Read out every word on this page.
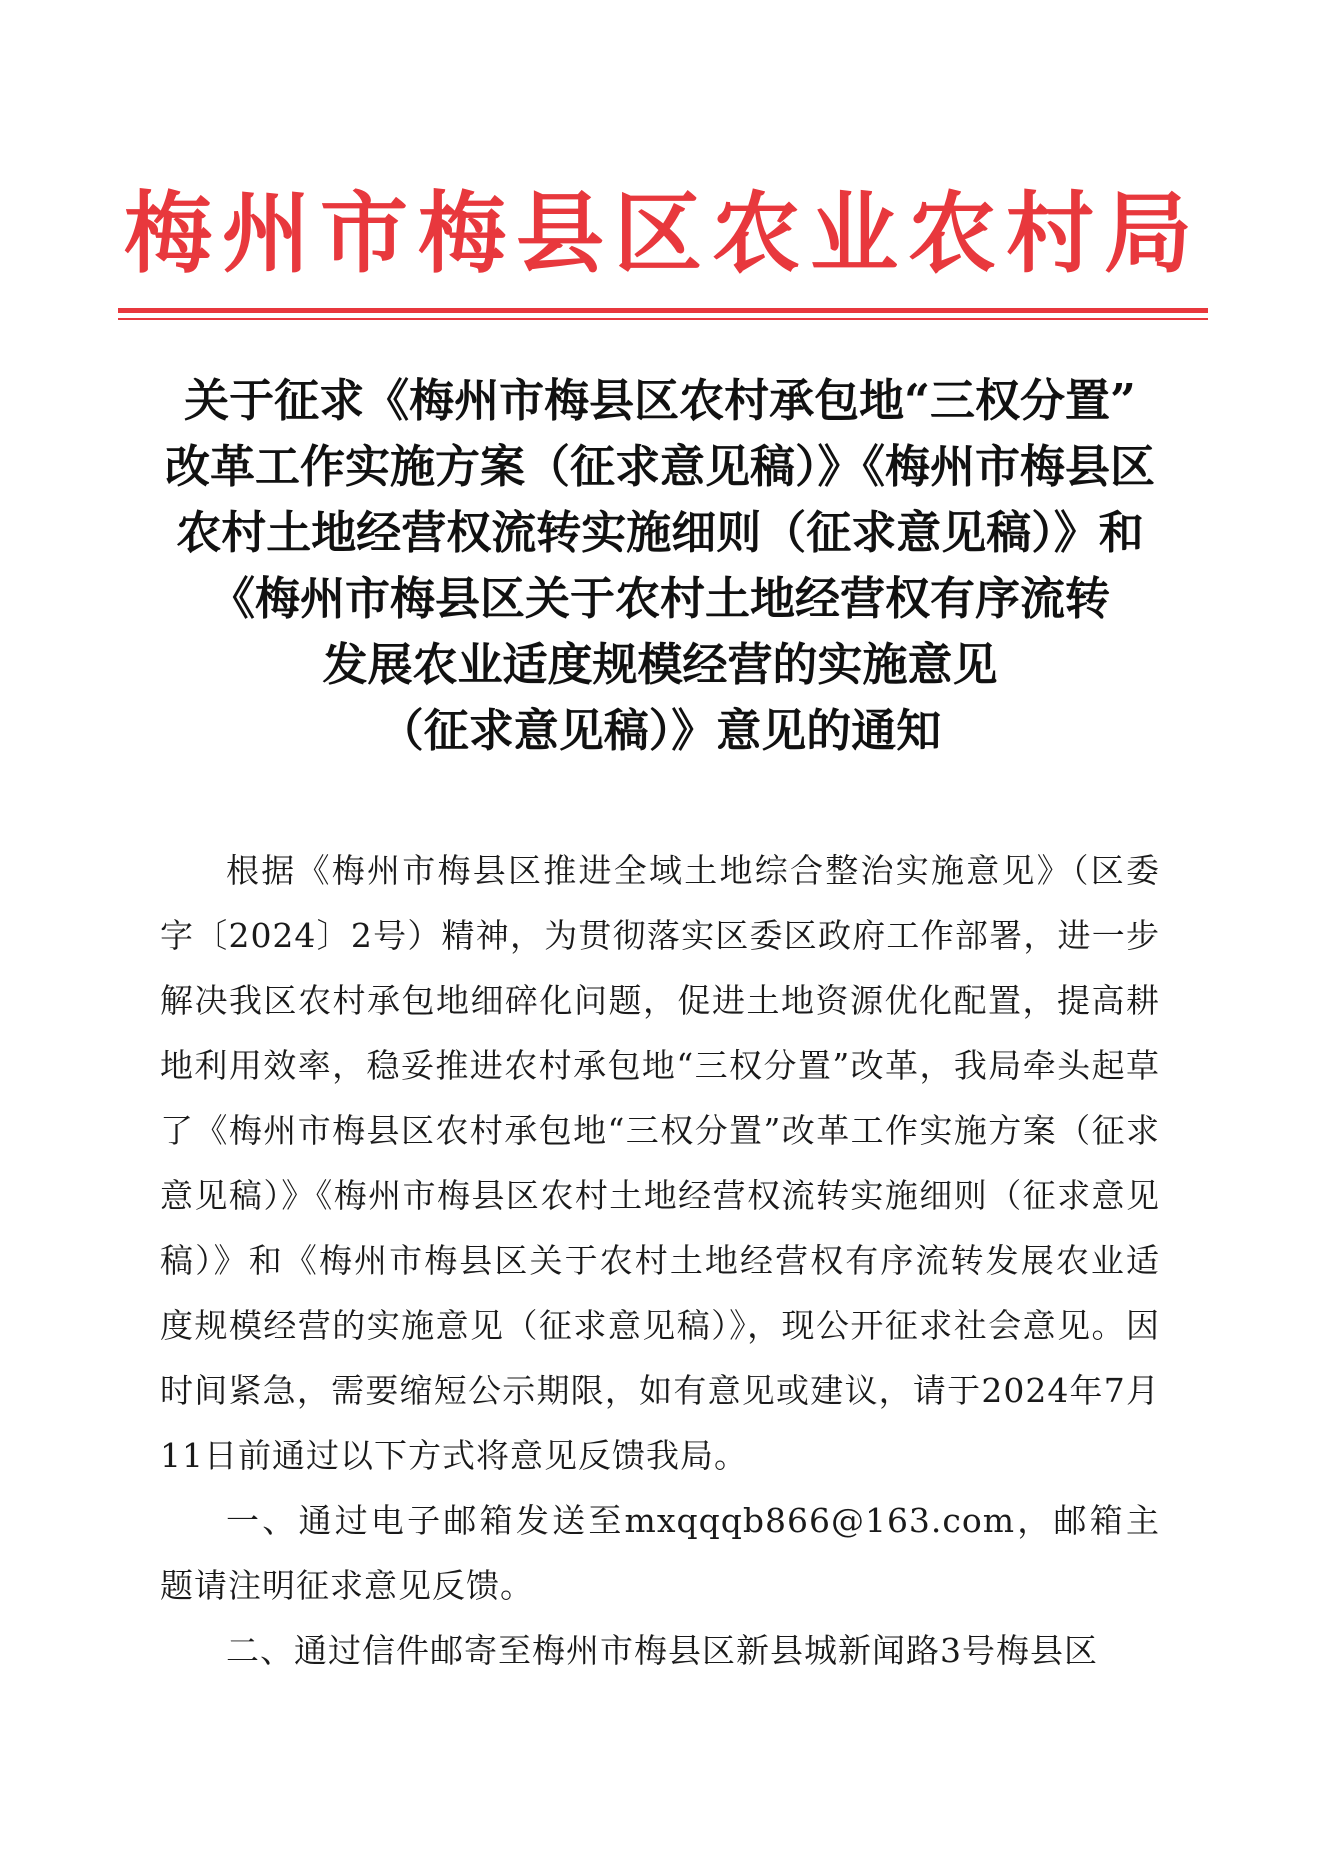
梅州市梅县区农业农村局
关于征求《梅州市梅县区农村承包地“三权分置”
改革工作实施方案（征求意见稿）》《梅州市梅县区
农村土地经营权流转实施细则（征求意见稿）》和
《梅州市梅县区关于农村土地经营权有序流转
发展农业适度规模经营的实施意见
（征求意见稿）》意见的通知

根据《梅州市梅县区推进全域土地综合整治实施意见》（区委字〔2024〕2号）精神，为贯彻落实区委区政府工作部署，进一步解决我区农村承包地细碎化问题，促进土地资源优化配置，提高耕地利用效率，稳妥推进农村承包地“三权分置”改革，我局牵头起草了《梅州市梅县区农村承包地“三权分置”改革工作实施方案（征求意见稿）》《梅州市梅县区农村土地经营权流转实施细则（征求意见稿）》和《梅州市梅县区关于农村土地经营权有序流转发展农业适度规模经营的实施意见（征求意见稿）》，现公开征求社会意见。因时间紧急，需要缩短公示期限，如有意见或建议，请于2024年7月11日前通过以下方式将意见反馈我局。

一、通过电子邮箱发送至mxqqqb866@163.com，邮箱主题请注明征求意见反馈。

二、通过信件邮寄至梅州市梅县区新县城新闻路3号梅县区
